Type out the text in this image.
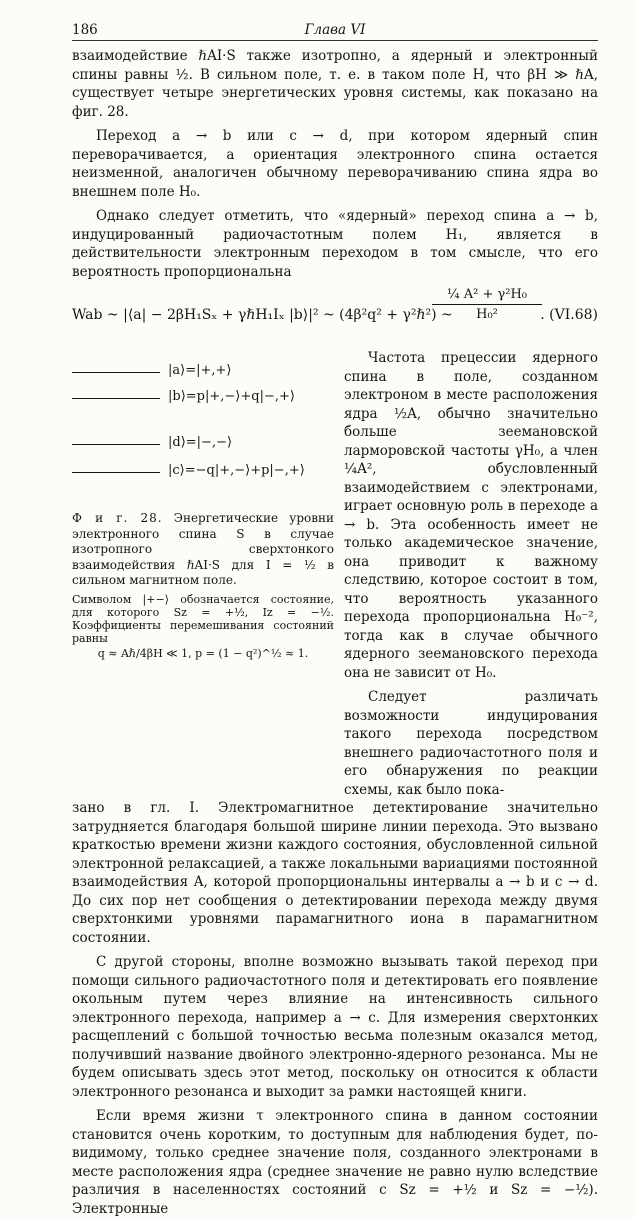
186	Глава VI

взаимодействие ℏAI·S также изотропно, а ядерный и электронный спины равны ½. В сильном поле, т. е. в таком поле H, что βH ≫ ℏA, существует четыре энергетических уровня системы, как показано на фиг. 28.

Переход a → b или c → d, при котором ядерный спин переворачивается, а ориентация электронного спина остается неизменной, аналогичен обычному переворачиванию спина ядра во внешнем поле H₀.

Однако следует отметить, что «ядерный» переход спина a → b, индуцированный радиочастотным полем H₁, является в действительности электронным переходом в том смысле, что его вероятность пропорциональна

Wab ~ |⟨a| − 2βH₁Sₓ + γℏH₁Iₓ |b⟩|² ~ (4β²q² + γ²ℏ²) ~
$\frac{\text{¼ A² + γ²H₀}}{\text{H₀²}}$
. (VI.68)
|a⟩=|+,+⟩
|b⟩=p|+,−⟩+q|−,+⟩
|d⟩=|−,−⟩
|c⟩=−q|+,−⟩+p|−,+⟩
Ф и г. 28. Энергетические уровни электронного спина S в случае изотропного сверхтонкого взаимодействия ℏAI·S для I = ½ в сильном магнитном поле.
Символом |+−⟩ обозначается состояние, для которого Sz = +½, Iz = −½. Коэффициенты перемешивания состояний равны
q ≈ Aℏ/4βH ≪ 1, p = (1 − q²)^½ ≈ 1.

Частота прецессии ядерного спина в поле, созданном электроном в месте расположения ядра ½A, обычно значительно больше зеемановской ларморовской частоты γH₀, а член ¼A², обусловленный взаимодействием с электронами, играет основную роль в переходе a → b. Эта особенность имеет не только академическое значение, она приводит к важному следствию, которое состоит в том, что вероятность указанного перехода пропорциональна H₀⁻², тогда как в случае обычного ядерного зеемановского перехода она не зависит от H₀.

Следует различать возможности индуцирования такого перехода посредством внешнего радиочастотного поля и его обнаружения по реакции схемы, как было пока-

зано в гл. I. Электромагнитное детектирование значительно затрудняется благодаря большой ширине линии перехода. Это вызвано краткостью времени жизни каждого состояния, обусловленной сильной электронной релаксацией, а также локальными вариациями постоянной взаимодействия A, которой пропорциональны интервалы a → b и c → d. До сих пор нет сообщения о детектировании перехода между двумя сверхтонкими уровнями парамагнитного иона в парамагнитном состоянии.

С другой стороны, вполне возможно вызывать такой переход при помощи сильного радиочастотного поля и детектировать его появление окольным путем через влияние на интенсивность сильного электронного перехода, например a → c. Для измерения сверхтонких расщеплений с большой точностью весьма полезным оказался метод, получивший название двойного электронно-ядерного резонанса. Мы не будем описывать здесь этот метод, поскольку он относится к области электронного резонанса и выходит за рамки настоящей книги.

Если время жизни τ электронного спина в данном состоянии становится очень коротким, то доступным для наблюдения будет, по-видимому, только среднее значение поля, созданного электронами в месте расположения ядра (среднее значение не равно нулю вследствие различия в населенностях состояний с Sz = +½ и Sz = −½). Электронные
